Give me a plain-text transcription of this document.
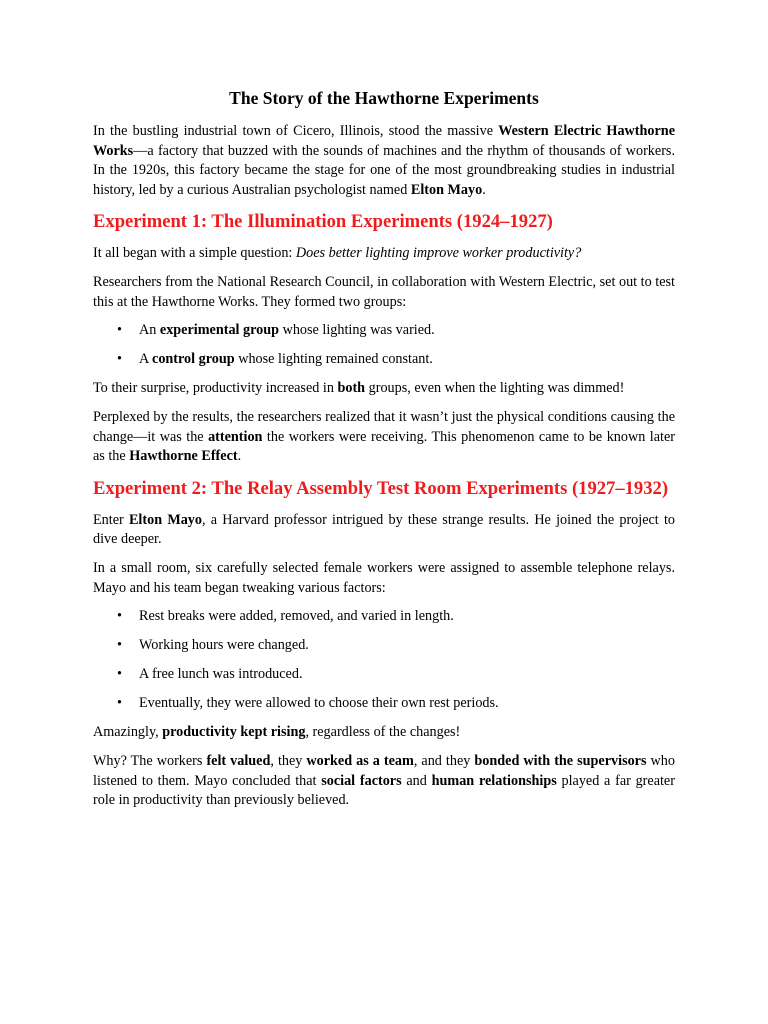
The Story of the Hawthorne Experiments

In the bustling industrial town of Cicero, Illinois, stood the massive Western Electric Hawthorne Works—a factory that buzzed with the sounds of machines and the rhythm of thousands of workers. In the 1920s, this factory became the stage for one of the most groundbreaking studies in industrial history, led by a curious Australian psychologist named Elton Mayo.

Experiment 1: The Illumination Experiments (1924–1927)

It all began with a simple question: Does better lighting improve worker productivity?

Researchers from the National Research Council, in collaboration with Western Electric, set out to test this at the Hawthorne Works. They formed two groups:

• An experimental group whose lighting was varied.
• A control group whose lighting remained constant.

To their surprise, productivity increased in both groups, even when the lighting was dimmed!

Perplexed by the results, the researchers realized that it wasn’t just the physical conditions causing the change—it was the attention the workers were receiving. This phenomenon came to be known later as the Hawthorne Effect.

Experiment 2: The Relay Assembly Test Room Experiments (1927–1932)

Enter Elton Mayo, a Harvard professor intrigued by these strange results. He joined the project to dive deeper.

In a small room, six carefully selected female workers were assigned to assemble telephone relays. Mayo and his team began tweaking various factors:

• Rest breaks were added, removed, and varied in length.
• Working hours were changed.
• A free lunch was introduced.
• Eventually, they were allowed to choose their own rest periods.

Amazingly, productivity kept rising, regardless of the changes!

Why? The workers felt valued, they worked as a team, and they bonded with the supervisors who listened to them. Mayo concluded that social factors and human relationships played a far greater role in productivity than previously believed.
